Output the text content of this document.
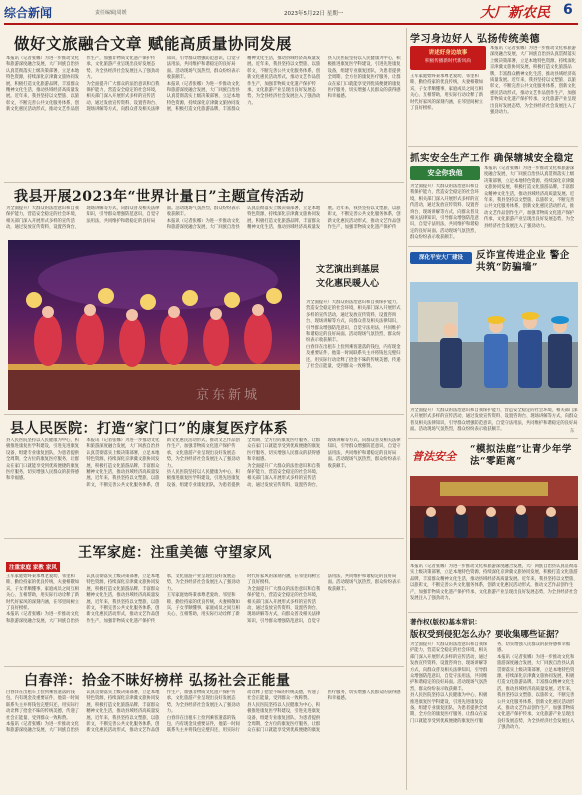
综合新闻	责任编辑|周媛	2023年5月22日 星期一	大厂新农民 6
做好文旅融合文章 赋能高质量协同发展
本报讯（记者张娜）为进一步推动文化和旅游深度融合发展，大厂回族自治县认真贯彻落实上级决策部署，立足本地特色资源，持续深化京津冀文旅协同发展，积极打造文化旅游品牌，丰富群众精神文化生活，推动县域经济高质量发展。近年来，我县坚持以文塑旅、以旅彰文，不断完善公共文化服务体系，创新文化惠民活动形式，推动文艺作品创作生产，加强非物质文化遗产保护传承，文化旅游产业呈现出良好发展态势，为全县经济社会发展注入了强劲动力。
为全面提升广大群众的法治意识和自我保护能力，营造安全稳定的社会环境，相关部门深入开展形式多样的宣传活动，通过发放宣传资料、设置咨询台、现场讲解等方式，向群众普及相关法律知识，引导群众增强防范意识，自觉守法用法，共同维护和谐稳定的良好局面。活动现场气氛热烈，群众纷纷表示收获颇丰。
本报讯（记者张娜）为进一步推动文化和旅游深度融合发展，大厂回族自治县认真贯彻落实上级决策部署，立足本地特色资源，持续深化京津冀文旅协同发展，积极打造文化旅游品牌，丰富群众精神文化生活，推动县域经济高质量发展。近年来，我县坚持以文塑旅、以旅彰文，不断完善公共文化服务体系，创新文化惠民活动形式，推动文艺作品创作生产，加强非物质文化遗产保护传承，文化旅游产业呈现出良好发展态势，为全县经济社会发展注入了强劲动力。
县人民医院坚持以人民健康为中心，积极推进康复医学科建设，引进先进康复设备，组建专业康复团队，为患者提供全周期、全方位的康复医疗服务，让群众在家门口就能享受到优质便捷的康复医疗服务，切实增强人民群众的获得感和幸福感。
我县开展2023年“世界计量日”主题宣传活动
为全面提升广大群众的法治意识和自我保护能力，营造安全稳定的社会环境，相关部门深入开展形式多样的宣传活动，通过发放宣传资料、设置咨询台、现场讲解等方式，向群众普及相关法律知识，引导群众增强防范意识，自觉守法用法，共同维护和谐稳定的良好局面。活动现场气氛热烈，群众纷纷表示收获颇丰。
本报讯（记者张娜）为进一步推动文化和旅游深度融合发展，大厂回族自治县认真贯彻落实上级决策部署，立足本地特色资源，持续深化京津冀文旅协同发展，积极打造文化旅游品牌，丰富群众精神文化生活，推动县域经济高质量发展。近年来，我县坚持以文塑旅、以旅彰文，不断完善公共文化服务体系，创新文化惠民活动形式，推动文艺作品创作生产，加强非物质文化遗产保护传
京东新城
文艺演出到基层
文化惠民暖人心
为全面提升广大群众的法治意识和自我保护能力，营造安全稳定的社会环境，相关部门深入开展形式多样的宣传活动，通过发放宣传资料、设置咨询台、现场讲解等方式，向群众普及相关法律知识，引导群众增强防范意识，自觉守法用法，共同维护和谐稳定的良好局面。活动现场气氛热烈，群众纷纷表示收获颇丰。
白春洋在出租车上捡到乘客遗落的钱包，内有现金及重要证件，他第一时间联系失主并将钱包完璧归还，用实际行动诠释了拾金不昧的传统美德，传递了社会正能量，受到群众一致称赞。
县人民医院：打造“家门口”的康复医疗体系
县人民医院坚持以人民健康为中心，积极推进康复医学科建设，引进先进康复设备，组建专业康复团队，为患者提供全周期、全方位的康复医疗服务，让群众在家门口就能享受到优质便捷的康复医疗服务，切实增强人民群众的获得感和幸福感。
本报讯（记者张娜）为进一步推动文化和旅游深度融合发展，大厂回族自治县认真贯彻落实上级决策部署，立足本地特色资源，持续深化京津冀文旅协同发展，积极打造文化旅游品牌，丰富群众精神文化生活，推动县域经济高质量发展。近年来，我县坚持以文塑旅、以旅彰文，不断完善公共文化服务体系，创新文化惠民活动形式，推动文艺作品创作生产，加强非物质文化遗产保护传承，文化旅游产业呈现出良好发展态势，为全县经济社会发展注入了强劲动力。
县人民医院坚持以人民健康为中心，积极推进康复医学科建设，引进先进康复设备，组建专业康复团队，为患者提供全周期、全方位的康复医疗服务，让群众在家门口就能享受到优质便捷的康复医疗服务，切实增强人民群众的获得感和幸福感。
为全面提升广大群众的法治意识和自我保护能力，营造安全稳定的社会环境，相关部门深入开展形式多样的宣传活动，通过发放宣传资料、设置咨询台、现场讲解等方式，向群众普及相关法律知识，引导群众增强防范意识，自觉守法用法，共同维护和谐稳定的良好局面。活动现场气氛热烈，群众纷纷表示收获颇丰。
王军家庭：注重美德 守望家风
注重家庭 家教 家风
王军家庭始终秉承尊老爱幼、邻里和睦、勤俭持家的优良传统，夫妻相敬如宾，子女孝顺懂事，家庭成员之间互相关心、互相帮助，用实际行动诠释了新时代好家风的深刻内涵，在邻里间树立了良好榜样。
本报讯（记者张娜）为进一步推动文化和旅游深度融合发展，大厂回族自治县认真贯彻落实上级决策部署，立足本地特色资源，持续深化京津冀文旅协同发展，积极打造文化旅游品牌，丰富群众精神文化生活，推动县域经济高质量发展。近年来，我县坚持以文塑旅、以旅彰文，不断完善公共文化服务体系，创新文化惠民活动形式，推动文艺作品创作生产，加强非物质文化遗产保护传承，文化旅游产业呈现出良好发展态势，为全县经济社会发展注入了强劲动力。
王军家庭始终秉承尊老爱幼、邻里和睦、勤俭持家的优良传统，夫妻相敬如宾，子女孝顺懂事，家庭成员之间互相关心、互相帮助，用实际行动诠释了新时代好家风的深刻内涵，在邻里间树立了良好榜样。
为全面提升广大群众的法治意识和自我保护能力，营造安全稳定的社会环境，相关部门深入开展形式多样的宣传活动，通过发放宣传资料、设置咨询台、现场讲解等方式，向群众普及相关法律知识，引导群众增强防范意识，自觉守法用法，共同维护和谐稳定的良好局面。活动现场气氛热烈，群众纷纷表示收获颇丰。
白春洋：拾金不昧好榜样 弘扬社会正能量
白春洋在出租车上捡到乘客遗落的钱包，内有现金及重要证件，他第一时间联系失主并将钱包完璧归还，用实际行动诠释了拾金不昧的传统美德，传递了社会正能量，受到群众一致称赞。
本报讯（记者张娜）为进一步推动文化和旅游深度融合发展，大厂回族自治县认真贯彻落实上级决策部署，立足本地特色资源，持续深化京津冀文旅协同发展，积极打造文化旅游品牌，丰富群众精神文化生活，推动县域经济高质量发展。近年来，我县坚持以文塑旅、以旅彰文，不断完善公共文化服务体系，创新文化惠民活动形式，推动文艺作品创作生产，加强非物质文化遗产保护传承，文化旅游产业呈现出良好发展态势，为全县经济社会发展注入了强劲动力。
白春洋在出租车上捡到乘客遗落的钱包，内有现金及重要证件，他第一时间联系失主并将钱包完璧归还，用实际行动诠释了拾金不昧的传统美德，传递了社会正能量，受到群众一致称赞。
县人民医院坚持以人民健康为中心，积极推进康复医学科建设，引进先进康复设备，组建专业康复团队，为患者提供全周期、全方位的康复医疗服务，让群众在家门口就能享受到优质便捷的康复医疗服务，切实增强人民群众的获得感和幸福感。
学习身边好人 弘扬传统美德
讲述好身边故事
积极传播新时代新风尚
王军家庭始终秉承尊老爱幼、邻里和睦、勤俭持家的优良传统，夫妻相敬如宾，子女孝顺懂事，家庭成员之间互相关心、互相帮助，用实际行动诠释了新时代好家风的深刻内涵，在邻里间树立了良好榜样。
本报讯（记者张娜）为进一步推动文化和旅游深度融合发展，大厂回族自治县认真贯彻落实上级决策部署，立足本地特色资源，持续深化京津冀文旅协同发展，积极打造文化旅游品牌，丰富群众精神文化生活，推动县域经济高质量发展。近年来，我县坚持以文塑旅、以旅彰文，不断完善公共文化服务体系，创新文化惠民活动形式，推动文艺作品创作生产，加强非物质文化遗产保护传承，文化旅游产业呈现出良好发展态势，为全县经济社会发展注入了强劲动力。
抓实安全生产工作 确保辖城安全稳定
安全你我他
为全面提升广大群众的法治意识和自我保护能力，营造安全稳定的社会环境，相关部门深入开展形式多样的宣传活动，通过发放宣传资料、设置咨询台、现场讲解等方式，向群众普及相关法律知识，引导群众增强防范意识，自觉守法用法，共同维护和谐稳定的良好局面。活动现场气氛热烈，群众纷纷表示收获颇丰。
本报讯（记者张娜）为进一步推动文化和旅游深度融合发展，大厂回族自治县认真贯彻落实上级决策部署，立足本地特色资源，持续深化京津冀文旅协同发展，积极打造文化旅游品牌，丰富群众精神文化生活，推动县域经济高质量发展。近年来，我县坚持以文塑旅、以旅彰文，不断完善公共文化服务体系，创新文化惠民活动形式，推动文艺作品创作生产，加强非物质文化遗产保护传承，文化旅游产业呈现出良好发展态势，为全县经济社会发展注入了强劲动力。
深化平安大厂建设	反诈宣传进企业 警企共筑“防骗墙”
为全面提升广大群众的法治意识和自我保护能力，营造安全稳定的社会环境，相关部门深入开展形式多样的宣传活动，通过发放宣传资料、设置咨询台、现场讲解等方式，向群众普及相关法律知识，引导群众增强防范意识，自觉守法用法，共同维护和谐稳定的良好局面。活动现场气氛热烈，群众纷纷表示收获颇丰。	东
普法安全
“模拟法庭”让青少年学法“零距离”
本报讯（记者张娜）为进一步推动文化和旅游深度融合发展，大厂回族自治县认真贯彻落实上级决策部署，立足本地特色资源，持续深化京津冀文旅协同发展，积极打造文化旅游品牌，丰富群众精神文化生活，推动县域经济高质量发展。近年来，我县坚持以文塑旅、以旅彰文，不断完善公共文化服务体系，创新文化惠民活动形式，推动文艺作品创作生产，加强非物质文化遗产保护传承，文化旅游产业呈现出良好发展态势，为全县经济社会发展注入了强劲动力。
著作权(版权)基本常识：
版权受到侵犯怎么办？要收集哪些证据？
为全面提升广大群众的法治意识和自我保护能力，营造安全稳定的社会环境，相关部门深入开展形式多样的宣传活动，通过发放宣传资料、设置咨询台、现场讲解等方式，向群众普及相关法律知识，引导群众增强防范意识，自觉守法用法，共同维护和谐稳定的良好局面。活动现场气氛热烈，群众纷纷表示收获颇丰。
县人民医院坚持以人民健康为中心，积极推进康复医学科建设，引进先进康复设备，组建专业康复团队，为患者提供全周期、全方位的康复医疗服务，让群众在家门口就能享受到优质便捷的康复医疗服务，切实增强人民群众的获得感和幸福感。
本报讯（记者张娜）为进一步推动文化和旅游深度融合发展，大厂回族自治县认真贯彻落实上级决策部署，立足本地特色资源，持续深化京津冀文旅协同发展，积极打造文化旅游品牌，丰富群众精神文化生活，推动县域经济高质量发展。近年来，我县坚持以文塑旅、以旅彰文，不断完善公共文化服务体系，创新文化惠民活动形式，推动文艺作品创作生产，加强非物质文化遗产保护传承，文化旅游产业呈现出良好发展态势，为全县经济社会发展注入了强劲动力。
